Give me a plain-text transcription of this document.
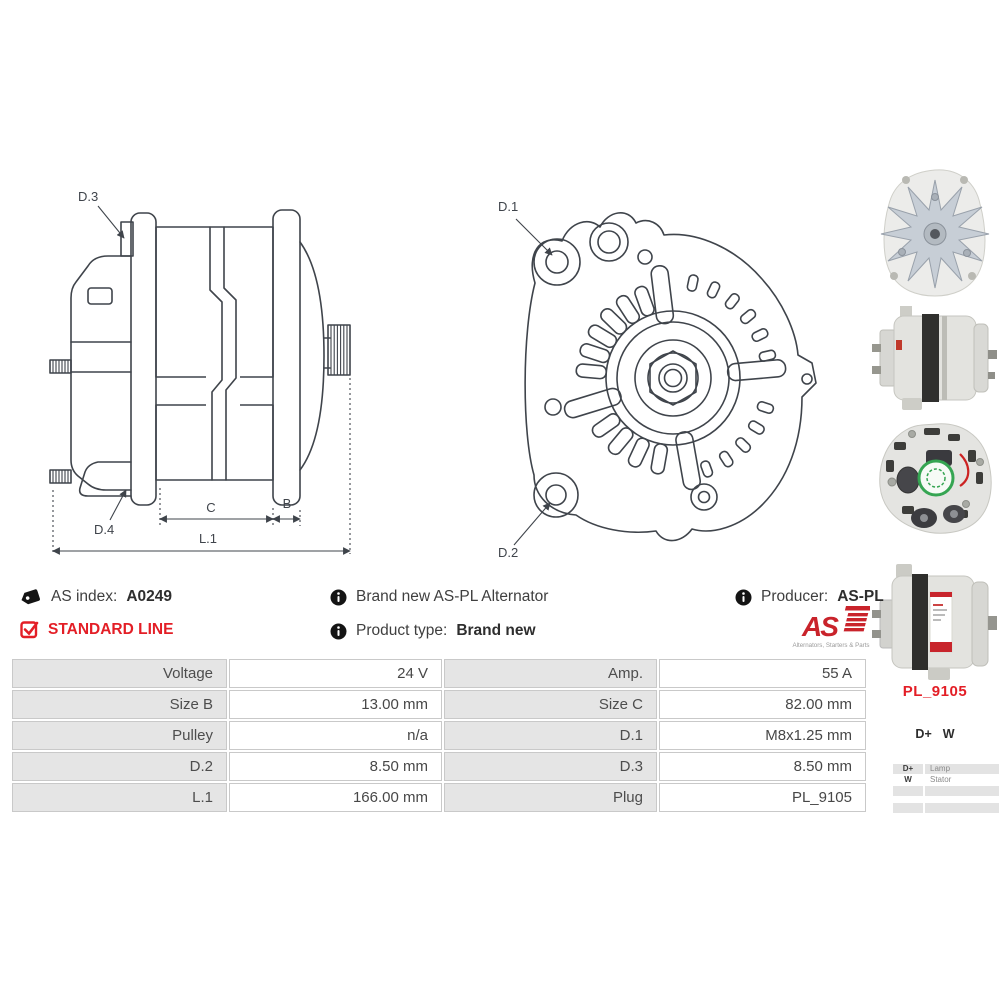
D.3
D.4
C	B
L.1
D.1
D.2
PL_9105
D+ W
D+	Lamp
W	Stator
AS index: A0249	Brand new AS-PL Alternator	Producer: AS-PL
STANDARD LINE	Product type: Brand new	AS
Alternators, Starters & Parts
Voltage	24 V	Amp.	55 A
Size B	13.00 mm	Size C	82.00 mm
Pulley	n/a	D.1	M8x1.25 mm
D.2	8.50 mm	D.3	8.50 mm
L.1	166.00 mm	Plug	PL_9105
